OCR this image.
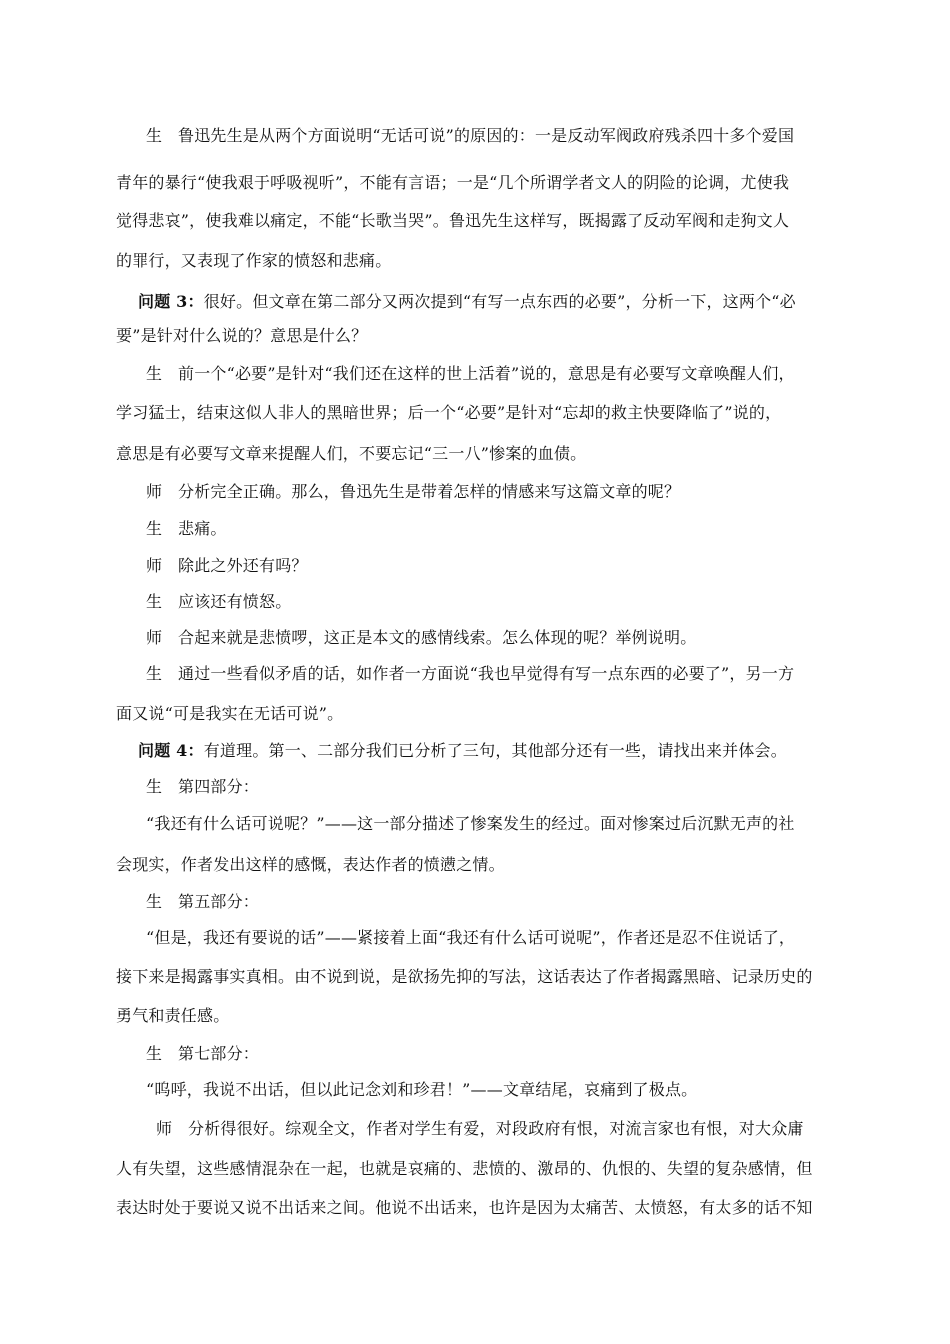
生 鲁迅先生是从两个方面说明“无话可说”的原因的：一是反动军阀政府残杀四十多个爱国
青年的暴行“使我艰于呼吸视听”，不能有言语；一是“几个所谓学者文人的阴险的论调，尤使我
觉得悲哀”，使我难以痛定，不能“长歌当哭”。鲁迅先生这样写，既揭露了反动军阀和走狗文人
的罪行，又表现了作家的愤怒和悲痛。
问题 3：很好。但文章在第二部分又两次提到“有写一点东西的必要”，分析一下，这两个“必
要”是针对什么说的？意思是什么？
生 前一个“必要”是针对“我们还在这样的世上活着”说的，意思是有必要写文章唤醒人们，
学习猛士，结束这似人非人的黑暗世界；后一个“必要”是针对“忘却的救主快要降临了”说的，
意思是有必要写文章来提醒人们，不要忘记“三一八”惨案的血债。
师 分析完全正确。那么，鲁迅先生是带着怎样的情感来写这篇文章的呢？
生 悲痛。
师 除此之外还有吗？
生 应该还有愤怒。
师 合起来就是悲愤啰，这正是本文的感情线索。怎么体现的呢？举例说明。
生 通过一些看似矛盾的话，如作者一方面说“我也早觉得有写一点东西的必要了”，另一方
面又说“可是我实在无话可说”。
问题 4：有道理。第一、二部分我们已分析了三句，其他部分还有一些，请找出来并体会。
生 第四部分：
“我还有什么话可说呢？”——这一部分描述了惨案发生的经过。面对惨案过后沉默无声的社
会现实，作者发出这样的感慨，表达作者的愤懑之情。
生 第五部分：
“但是，我还有要说的话”——紧接着上面“我还有什么话可说呢”，作者还是忍不住说话了，
接下来是揭露事实真相。由不说到说，是欲扬先抑的写法，这话表达了作者揭露黑暗、记录历史的
勇气和责任感。
生 第七部分：
“呜呼，我说不出话，但以此记念刘和珍君！”——文章结尾，哀痛到了极点。
师 分析得很好。综观全文，作者对学生有爱，对段政府有恨，对流言家也有恨，对大众庸
人有失望，这些感情混杂在一起，也就是哀痛的、悲愤的、激昂的、仇恨的、失望的复杂感情，但
表达时处于要说又说不出话来之间。他说不出话来，也许是因为太痛苦、太愤怒，有太多的话不知
